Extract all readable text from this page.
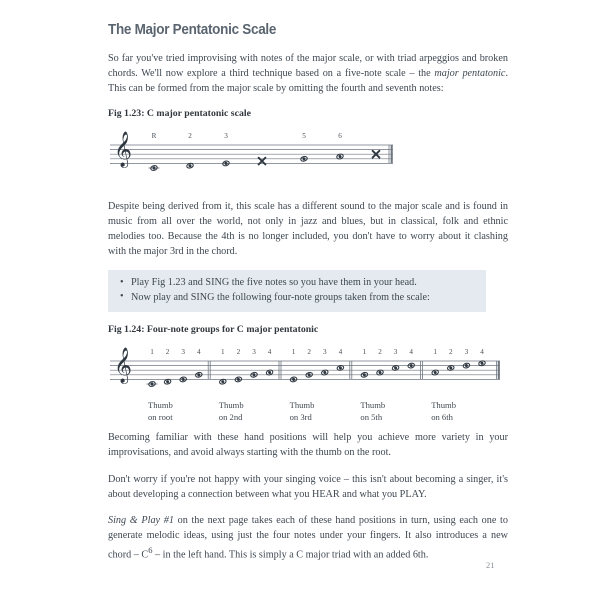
The Major Pentatonic Scale

So far you've tried improvising with notes of the major scale, or with triad arpeggios and broken chords. We'll now explore a third technique based on a five-note scale – the major pentatonic. This can be formed from the major scale by omitting the fourth and seventh notes:

Fig 1.23: C major pentatonic scale
𝄞	R	2	3	5	6

Despite being derived from it, this scale has a different sound to the major scale and is found in music from all over the world, not only in jazz and blues, but in classical, folk and ethnic melodies too. Because the 4th is no longer included, you don't have to worry about it clashing with the major 3rd in the chord.

• Play Fig 1.23 and SING the five notes so you have them in your head.
• Now play and SING the following four-note groups taken from the scale:
Fig 1.24: Four-note groups for C major pentatonic
𝄞	1 2 3 4	1 2 3 4	1 2 3 4	1 2 3 4	1 2 3 4
Thumb
on root
Thumb
on 2nd
Thumb
on 3rd
Thumb
on 5th
Thumb
on 6th

Becoming familiar with these hand positions will help you achieve more variety in your improvisations, and avoid always starting with the thumb on the root.

Don't worry if you're not happy with your singing voice – this isn't about becoming a singer, it's about developing a connection between what you HEAR and what you PLAY.

Sing & Play #1 on the next page takes each of these hand positions in turn, using each one to generate melodic ideas, using just the four notes under your fingers. It also introduces a new chord – $C^6$ – in the left hand. This is simply a C major triad with an added 6th.

21
